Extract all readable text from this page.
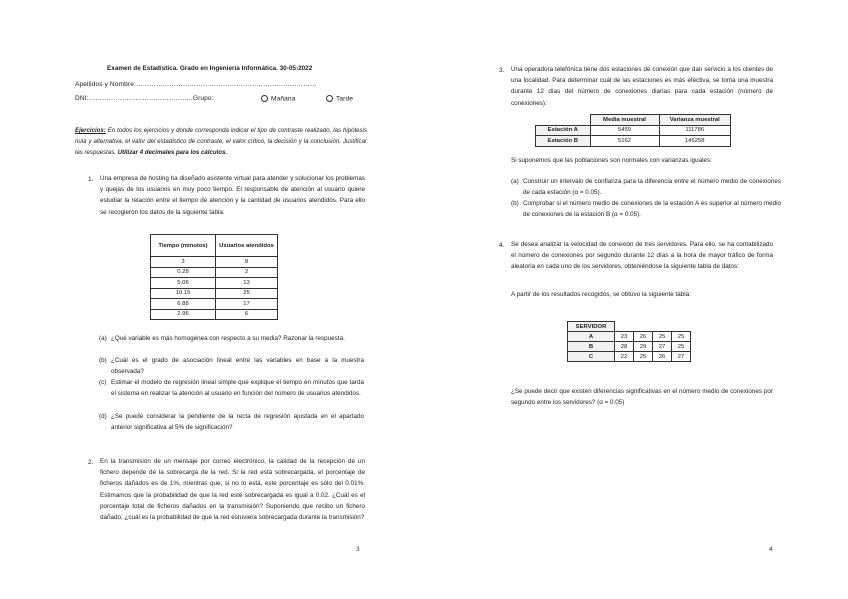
Examen de Estadística. Grado en Ingeniería Informática. 30-05-2022
Apellidos y Nombre:………………………………………………………………………
DNI:………………………………………..Grupo:	Mañana	Tarde
Ejercicios: En todos los ejercicios y donde corresponda indicar el tipo de contraste realizado, las hipótesis nula y alternativa, el valor del estadístico de contraste, el valor crítico, la decisión y la conclusión. Justificar las respuestas. Utilizar 4 decimales para los cálculos.
1. Una empresa de hosting ha diseñado asistente virtual para atender y solucionar los problemas y quejas de los usuarios en muy poco tiempo. El responsable de atención al usuario quiere estudiar la relación entre el tiempo de atención y la cantidad de usuarios atendidos. Para ello se recogieron los datos de la siguiente tabla:
Tiempo (minutos)	Usuarios atendidos
3	8
0.28	2
5.06	13
10.15	25
6.88	17
2.96	6
(a) ¿Qué variable es más homogénea con respecto a su media? Razonar la respuesta.
(b) ¿Cuál es el grado de asociación lineal entre las variables en base a la muestra observada?
(c) Estimar el modelo de regresión lineal simple que explique el tiempo en minutos que tarda el sistema en realizar la atención al usuario en función del número de usuarios atendidos.
(d) ¿Se puede considerar la pendiente de la recta de regresión ajustada en el apartado anterior significativa al 5% de significación?
2. En la transmisión de un mensaje por correo electrónico, la calidad de la recepción de un fichero depende de la sobrecarga de la red. Si la red está sobrecargada, el porcentaje de ficheros dañados es de 1%, mientras que, si no lo está, este porcentaje es sólo del 0.01%. Estimamos que la probabilidad de que la red esté sobrecargada es igual a 0.02. ¿Cuál es el porcentaje total de ficheros dañados en la transmisión? Suponiendo que recibo un fichero dañado, ¿cuál es la probabilidad de que la red estuviera sobrecargada durante la transmisión?
3
3. Una operadora telefónica tiene dos estaciones de conexión que dan servicio a los clientes de una localidad. Para determinar cuál de las estaciones es más efectiva, se toma una muestra durante 12 días del número de conexiones diarias para cada estación (número de conexiones):
	Media muestral	Varianza muestral
Estación A	5459	111786
Estación B	5162	145258
Si suponemos que las poblaciones son normales con varianzas iguales:
(a) Construir un intervalo de confianza para la diferencia entre el número medio de conexiones de cada estación (α = 0.05).
(b) Comprobar si el número medio de conexiones de la estación A es superior al número medio de conexiones de la estación B (α = 0.05).
4. Se desea analizar la velocidad de conexión de tres servidores. Para ello, se ha contabilizado el número de conexiones por segundo durante 12 días a la hora de mayor tráfico de forma aleatoria en cada uno de los servidores, obteniéndose la siguiente tabla de datos:
A partir de los resultados recogidos, se obtuvo la siguiente tabla:
SERVIDOR				
A	23	26	25	25
B	28	29	27	25
C	22	25	26	27
¿Se puede decir que existen diferencias significativas en el número medio de conexiones por segundo entre los servidores? (α = 0.05)
4
